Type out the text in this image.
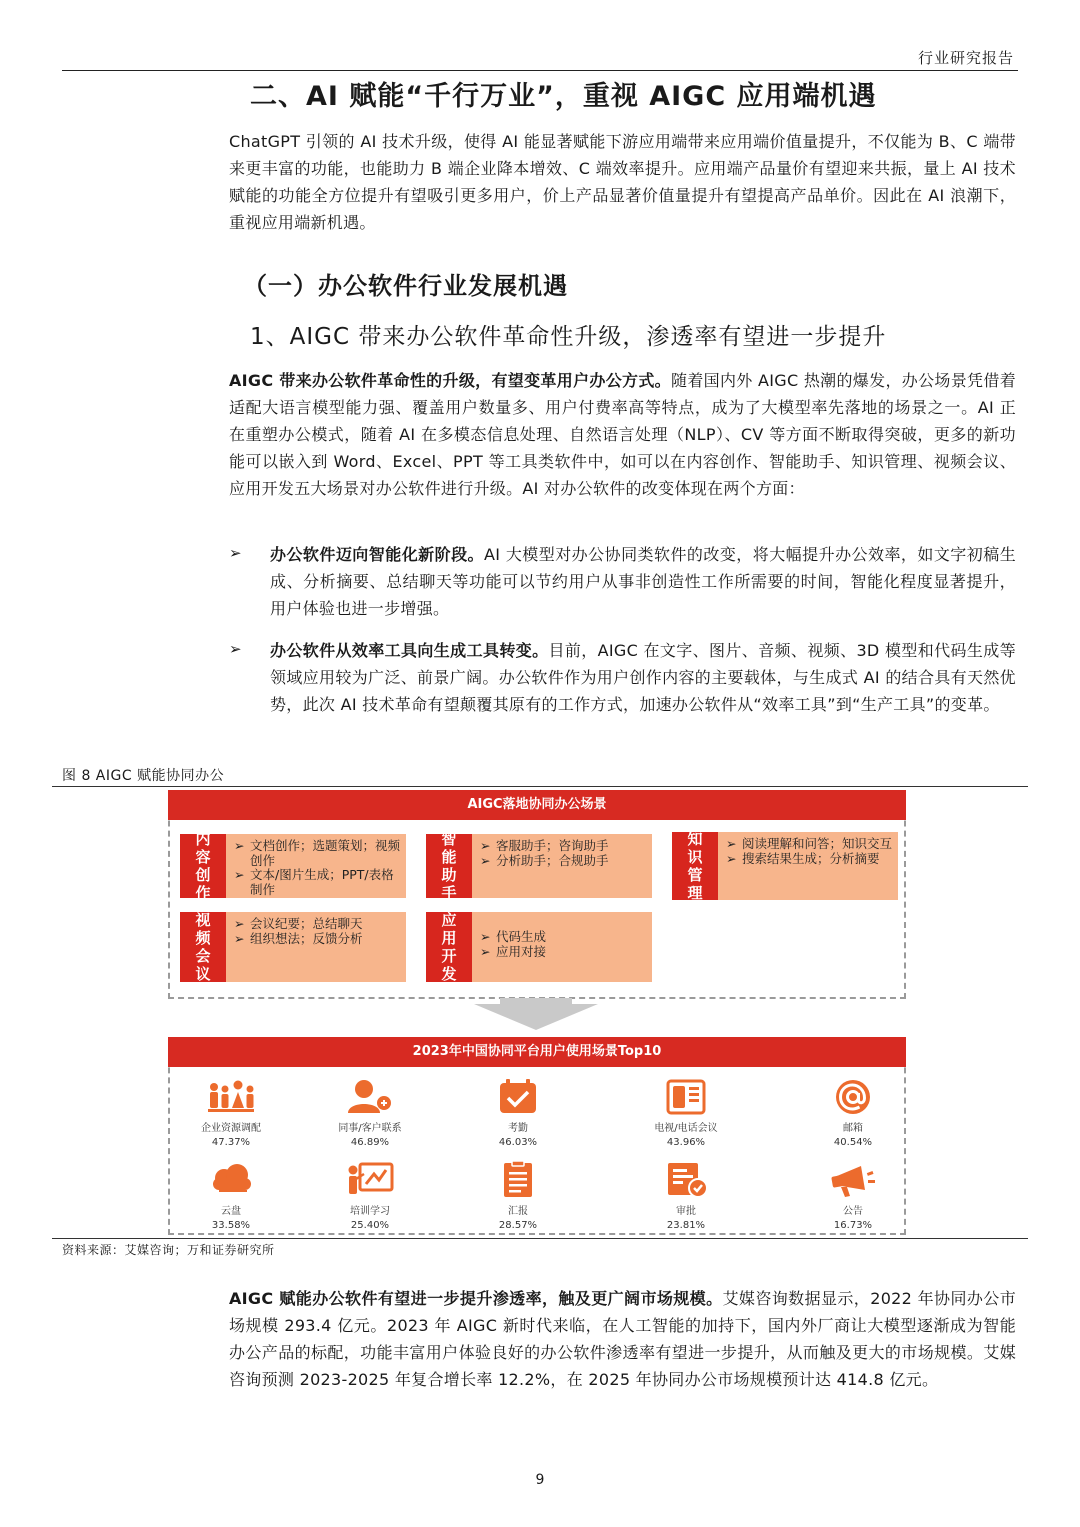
行业研究报告
二、AI 赋能“千行万业”，重视 AIGC 应用端机遇
ChatGPT 引领的 AI 技术升级，使得 AI 能显著赋能下游应用端带来应用端价值量提升，不仅能为 B、C 端带来更丰富的功能，也能助力 B 端企业降本增效、C 端效率提升。应用端产品量价有望迎来共振，量上 AI 技术赋能的功能全方位提升有望吸引更多用户，价上产品显著价值量提升有望提高产品单价。因此在 AI 浪潮下，重视应用端新机遇。
（一）办公软件行业发展机遇
1、AIGC 带来办公软件革命性升级，渗透率有望进一步提升
AIGC 带来办公软件革命性的升级，有望变革用户办公方式。随着国内外 AIGC 热潮的爆发，办公场景凭借着适配大语言模型能力强、覆盖用户数量多、用户付费率高等特点，成为了大模型率先落地的场景之一。AI 正在重塑办公模式，随着 AI 在多模态信息处理、自然语言处理（NLP）、CV 等方面不断取得突破，更多的新功能可以嵌入到 Word、Excel、PPT 等工具类软件中，如可以在内容创作、智能助手、知识管理、视频会议、应用开发五大场景对办公软件进行升级。AI 对办公软件的改变体现在两个方面：
➢ 办公软件迈向智能化新阶段。AI 大模型对办公协同类软件的改变，将大幅提升办公效率，如文字初稿生成、分析摘要、总结聊天等功能可以节约用户从事非创造性工作所需要的时间，智能化程度显著提升，用户体验也进一步增强。
➢ 办公软件从效率工具向生成工具转变。目前，AIGC 在文字、图片、音频、视频、3D 模型和代码生成等领域应用较为广泛、前景广阔。办公软件作为用户创作内容的主要载体，与生成式 AI 的结合具有天然优势，此次 AI 技术革命有望颠覆其原有的工作方式，加速办公软件从“效率工具”到“生产工具”的变革。
图 8 AIGC 赋能协同办公
AIGC落地协同办公场景
内
容
创
作
➢ 文档创作；选题策划；视频创作
➢ 文本/图片生成；PPT/表格制作
智
能
助
手
➢ 客服助手；咨询助手
➢ 分析助手；合规助手
知
识
管
理
➢ 阅读理解和问答；知识交互
➢ 搜索结果生成；分析摘要
视
频
会
议
➢ 会议纪要；总结聊天
➢ 组织想法；反馈分析
应
用
开
发
➢ 代码生成
➢ 应用对接
2023年中国协同平台用户使用场景Top10
企业资源调配
47.37%
同事/客户联系
46.89%
考勤
46.03%
电视/电话会议
43.96%
邮箱
40.54%
云盘
33.58%
培训学习
25.40%
汇报
28.57%
审批
23.81%
公告
16.73%
资料来源：艾媒咨询；万和证券研究所
AIGC 赋能办公软件有望进一步提升渗透率，触及更广阔市场规模。艾媒咨询数据显示，2022 年协同办公市场规模 293.4 亿元。2023 年 AIGC 新时代来临，在人工智能的加持下，国内外厂商让大模型逐渐成为智能办公产品的标配，功能丰富用户体验良好的办公软件渗透率有望进一步提升，从而触及更大的市场规模。艾媒咨询预测 2023-2025 年复合增长率 12.2%，在 2025 年协同办公市场规模预计达 414.8 亿元。
9
